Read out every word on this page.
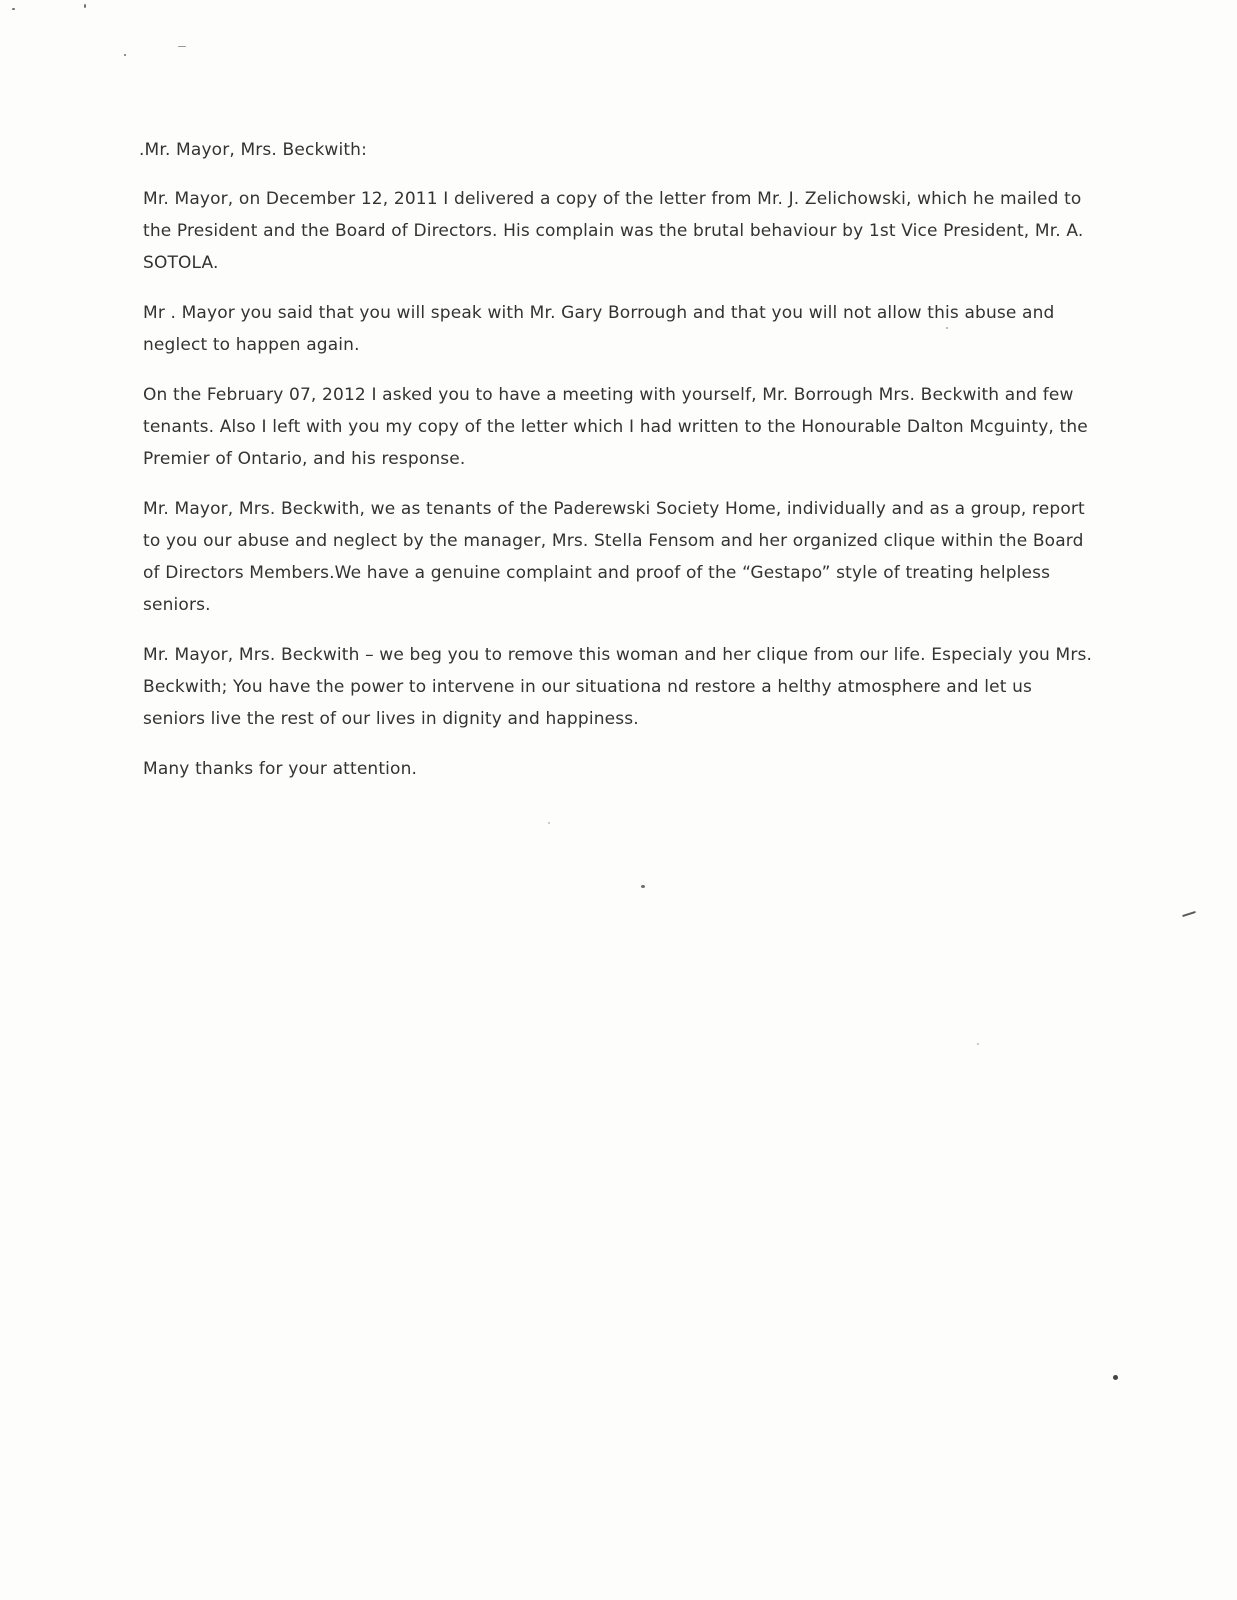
.Mr. Mayor, Mrs. Beckwith:

Mr. Mayor, on December 12, 2011 I delivered a copy of the letter from Mr. J. Zelichowski, which he mailed to the President and the Board of Directors. His complain was the brutal behaviour by 1st Vice President, Mr. A. SOTOLA.

Mr . Mayor you said that you will speak with Mr. Gary Borrough and that you will not allow this abuse and neglect to happen again.

On the February 07, 2012 I asked you to have a meeting with yourself, Mr. Borrough Mrs. Beckwith and few tenants. Also I left with you my copy of the letter which I had written to the Honourable Dalton Mcguinty, the Premier of Ontario, and his response.

Mr. Mayor, Mrs. Beckwith, we as tenants of the Paderewski Society Home, individually and as a group, report to you our abuse and neglect by the manager, Mrs. Stella Fensom and her organized clique within the Board of Directors Members.We have a genuine complaint and proof of the “Gestapo” style of treating helpless seniors.

Mr. Mayor, Mrs. Beckwith – we beg you to remove this woman and her clique from our life. Especialy you Mrs. Beckwith; You have the power to intervene in our situationa nd restore a helthy atmosphere and let us seniors live the rest of our lives in dignity and happiness.

Many thanks for your attention.
